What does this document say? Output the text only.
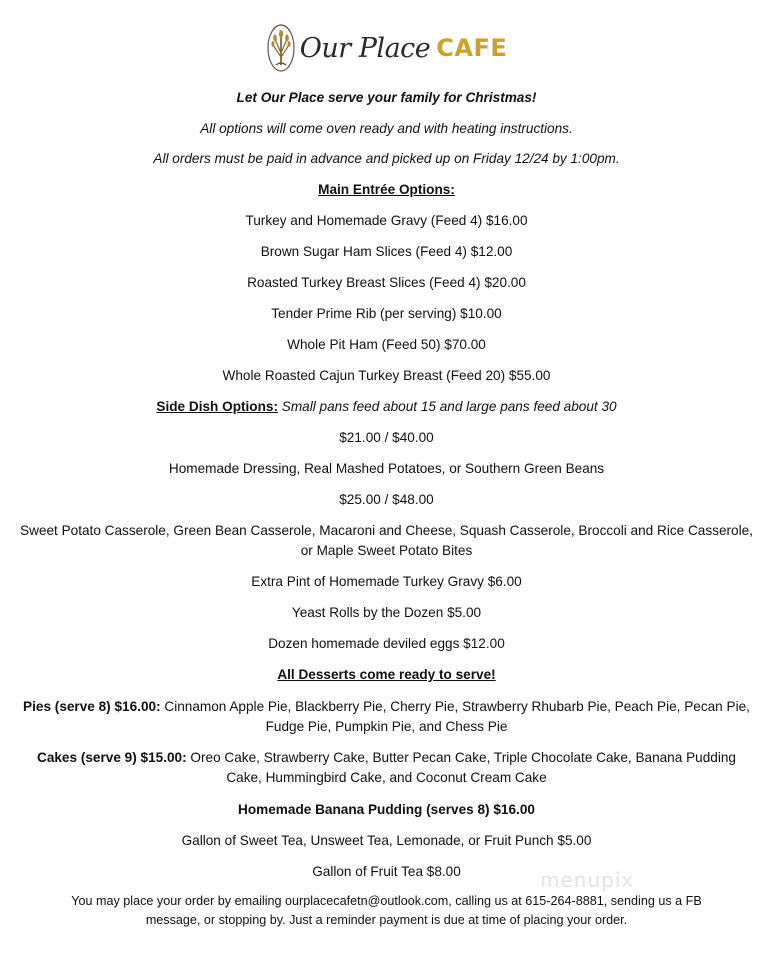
Our Place CAFE
Let Our Place serve your family for Christmas!
All options will come oven ready and with heating instructions.
All orders must be paid in advance and picked up on Friday 12/24 by 1:00pm.
Main Entrée Options:
Turkey and Homemade Gravy (Feed 4) $16.00
Brown Sugar Ham Slices (Feed 4) $12.00
Roasted Turkey Breast Slices (Feed 4) $20.00
Tender Prime Rib (per serving) $10.00
Whole Pit Ham (Feed 50) $70.00
Whole Roasted Cajun Turkey Breast (Feed 20) $55.00
Side Dish Options: Small pans feed about 15 and large pans feed about 30
$21.00 / $40.00
Homemade Dressing, Real Mashed Potatoes, or Southern Green Beans
$25.00 / $48.00
Sweet Potato Casserole, Green Bean Casserole, Macaroni and Cheese, Squash Casserole, Broccoli and Rice Casserole, or Maple Sweet Potato Bites
Extra Pint of Homemade Turkey Gravy $6.00
Yeast Rolls by the Dozen $5.00
Dozen homemade deviled eggs $12.00
All Desserts come ready to serve!
Pies (serve 8) $16.00: Cinnamon Apple Pie, Blackberry Pie, Cherry Pie, Strawberry Rhubarb Pie, Peach Pie, Pecan Pie, Fudge Pie, Pumpkin Pie, and Chess Pie
Cakes (serve 9) $15.00: Oreo Cake, Strawberry Cake, Butter Pecan Cake, Triple Chocolate Cake, Banana Pudding Cake, Hummingbird Cake, and Coconut Cream Cake
Homemade Banana Pudding (serves 8) $16.00
Gallon of Sweet Tea, Unsweet Tea, Lemonade, or Fruit Punch $5.00
Gallon of Fruit Tea $8.00
You may place your order by emailing ourplacecafetn@outlook.com, calling us at 615-264-8881, sending us a FB message, or stopping by. Just a reminder payment is due at time of placing your order.
menupix
